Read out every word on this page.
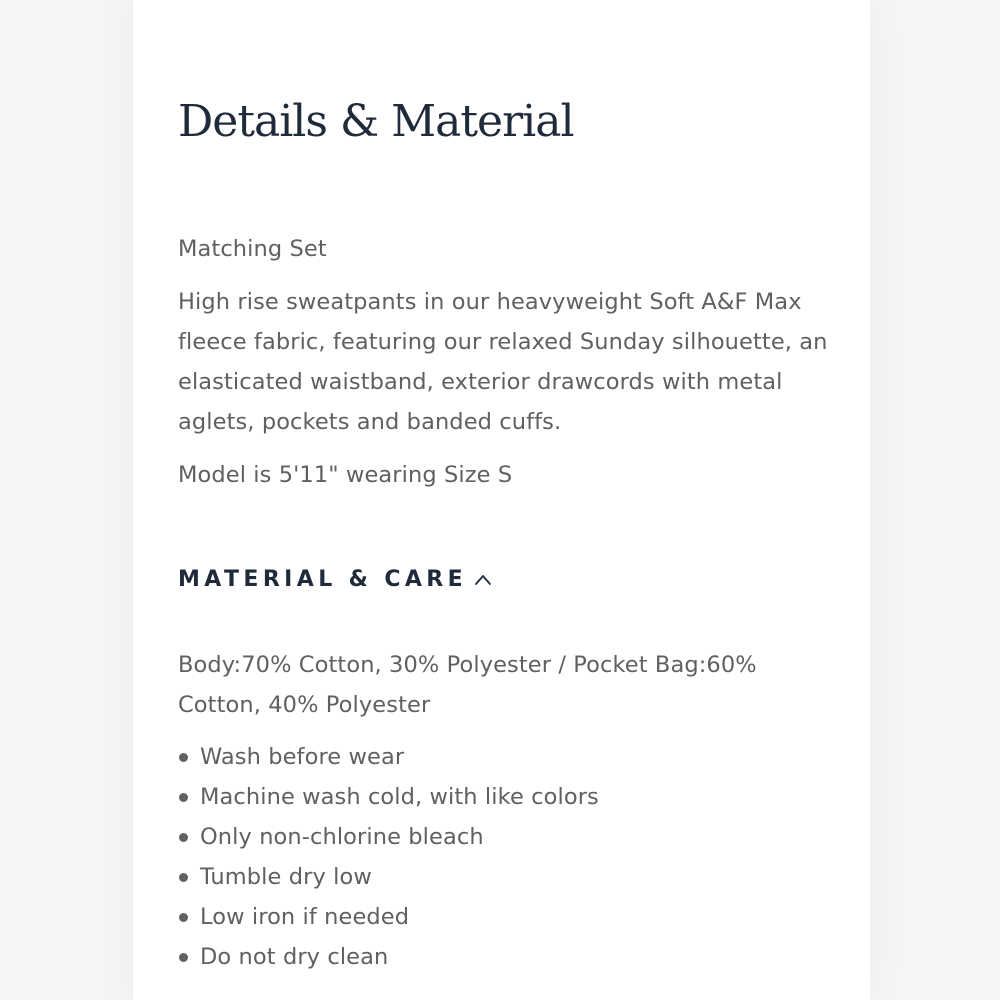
Details & Material

Matching Set

High rise sweatpants in our heavyweight Soft A&F Max fleece fabric, featuring our relaxed Sunday silhouette, an elasticated waistband, exterior drawcords with metal aglets, pockets and banded cuffs.

Model is 5'11" wearing Size S

MATERIAL & CARE

Body:70% Cotton, 30% Polyester / Pocket Bag:60% Cotton, 40% Polyester

Wash before wear
Machine wash cold, with like colors
Only non-chlorine bleach
Tumble dry low
Low iron if needed
Do not dry clean
